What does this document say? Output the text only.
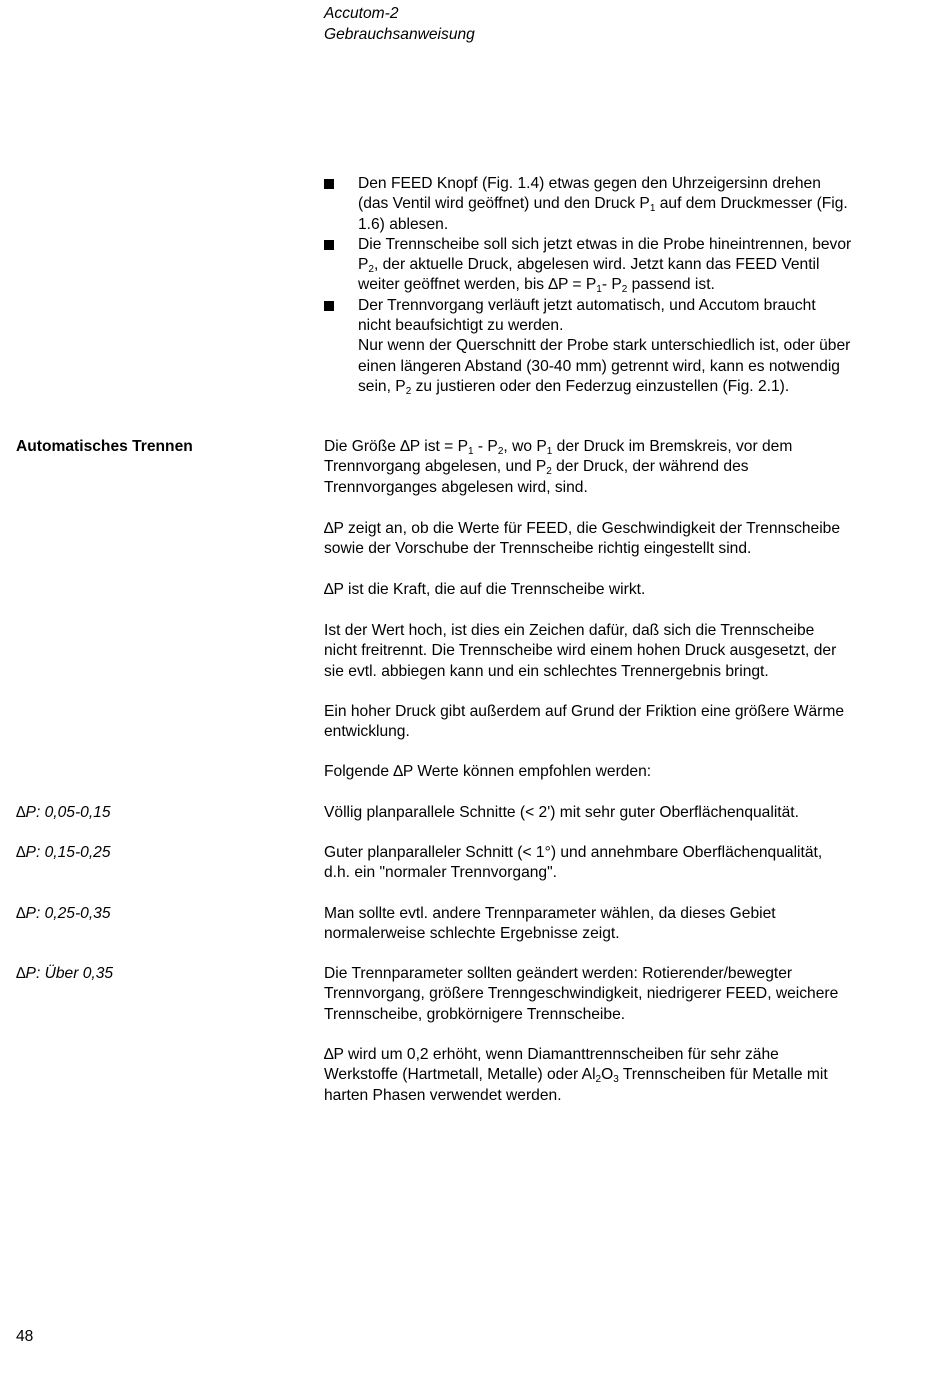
Accutom-2
Gebrauchsanweisung
Den FEED Knopf (Fig. 1.4) etwas gegen den Uhrzeigersinn drehen
(das Ventil wird geöffnet) und den Druck $P_1$ auf dem Druckmesser (Fig.
1.6) ablesen.
Die Trennscheibe soll sich jetzt etwas in die Probe hineintrennen, bevor
$P_2$, der aktuelle Druck, abgelesen wird. Jetzt kann das FEED Ventil
weiter geöffnet werden, bis $\Delta P = P_1-$ $P_2$ passend ist.
Der Trennvorgang verläuft jetzt automatisch, und Accutom braucht
nicht beaufsichtigt zu werden.
Nur wenn der Querschnitt der Probe stark unterschiedlich ist, oder über
einen längeren Abstand (30-40 mm) getrennt wird, kann es notwendig
sein, $P_2$ zu justieren oder den Federzug einzustellen (Fig. 2.1).
Automatisches Trennen	Die Größe ∆P ist = $P_1 - P_2$, wo $P_1$ der Druck im Bremskreis, vor dem
Trennvorgang abgelesen, und $P_2$ der Druck, der während des
Trennvorganges abgelesen wird, sind.
∆P zeigt an, ob die Werte für FEED, die Geschwindigkeit der Trennscheibe
sowie der Vorschube der Trennscheibe richtig eingestellt sind.
∆P ist die Kraft, die auf die Trennscheibe wirkt.
Ist der Wert hoch, ist dies ein Zeichen dafür, daß sich die Trennscheibe
nicht freitrennt. Die Trennscheibe wird einem hohen Druck ausgesetzt, der
sie evtl. abbiegen kann und ein schlechtes Trennergebnis bringt.
Ein hoher Druck gibt außerdem auf Grund der Friktion eine größere Wärme
entwicklung.
Folgende ∆P Werte können empfohlen werden:
∆P: 0,05-0,15	Völlig planparallele Schnitte (< 2') mit sehr guter Oberflächenqualität.
∆P: 0,15-0,25	Guter planparalleler Schnitt (< 1°) und annehmbare Oberflächenqualität,
d.h. ein "normaler Trennvorgang".
∆P: 0,25-0,35	Man sollte evtl. andere Trennparameter wählen, da dieses Gebiet
normalerweise schlechte Ergebnisse zeigt.
∆P: Über 0,35	Die Trennparameter sollten geändert werden: Rotierender/bewegter
Trennvorgang, größere Trenngeschwindigkeit, niedrigerer FEED, weichere
Trennscheibe, grobkörnigere Trennscheibe.
∆P wird um 0,2 erhöht, wenn Diamanttrennscheiben für sehr zähe
Werkstoffe (Hartmetall, Metalle) oder $Al_2O_3$ Trennscheiben für Metalle mit
harten Phasen verwendet werden.
48
